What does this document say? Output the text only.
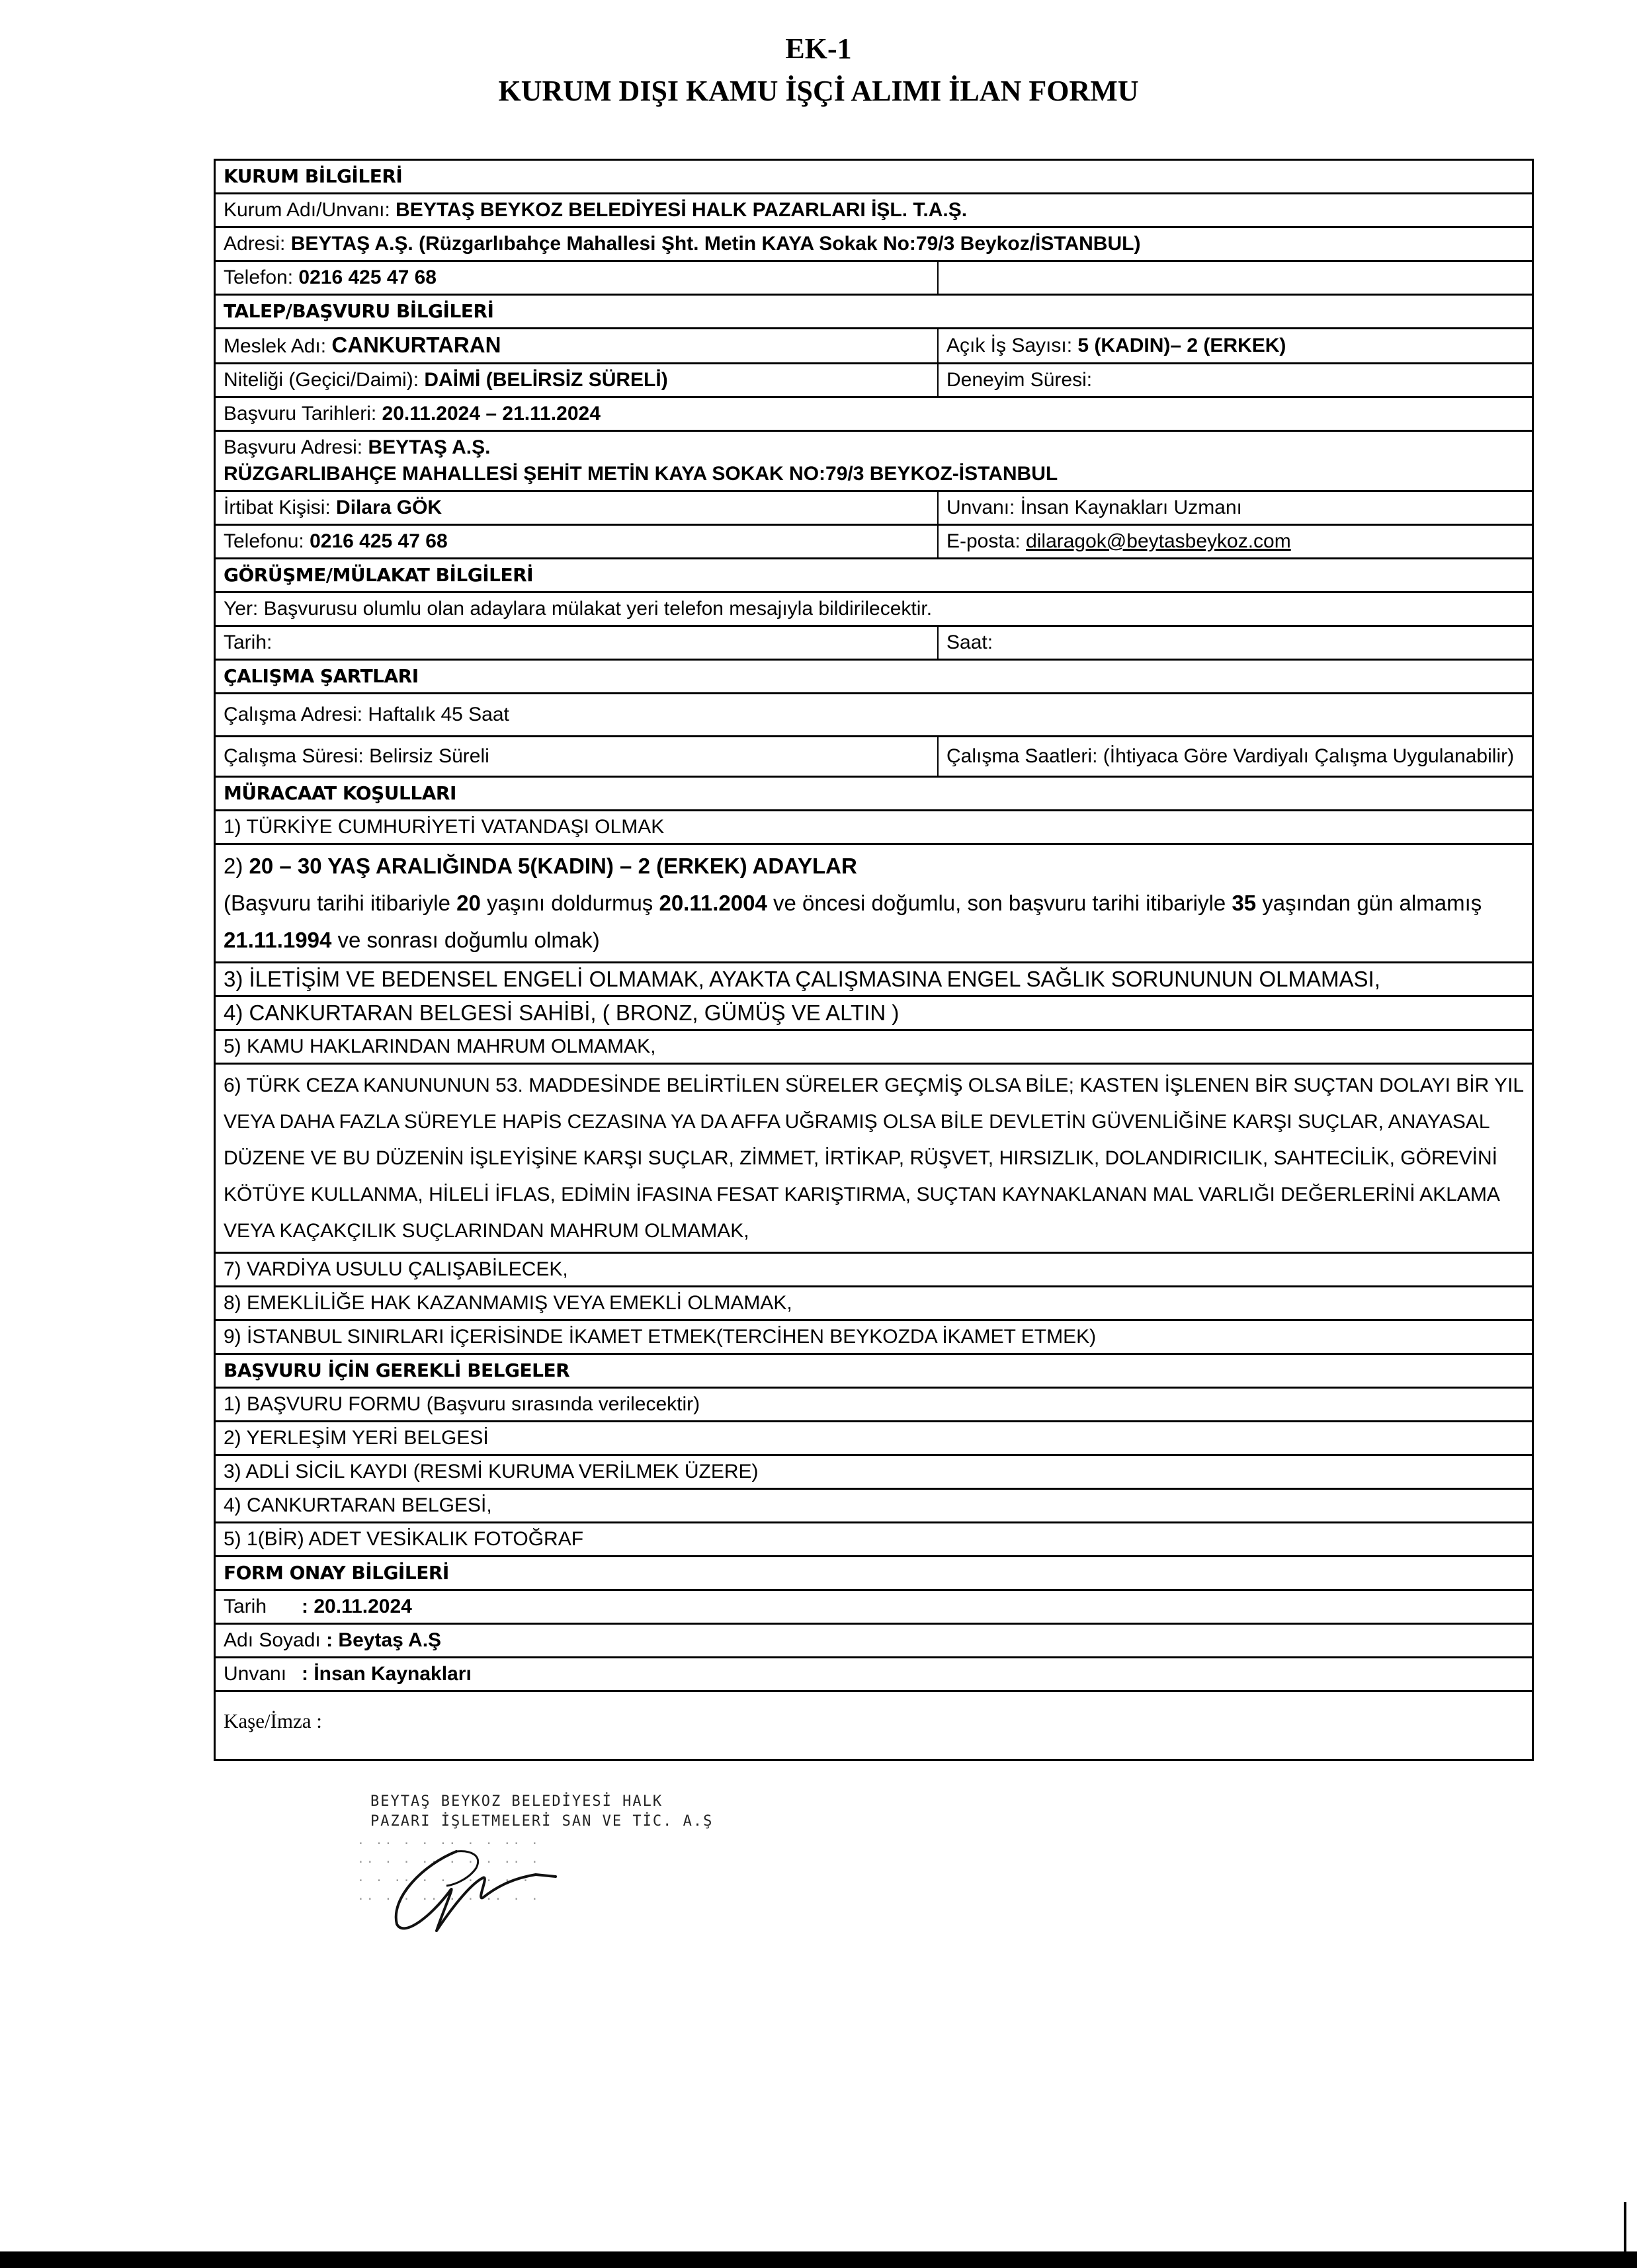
EK-1
KURUM DIŞI KAMU İŞÇİ ALIMI İLAN FORMU
KURUM BİLGİLERİ
Kurum Adı/Unvanı: BEYTAŞ BEYKOZ BELEDİYESİ HALK PAZARLARI İŞL. T.A.Ş.
Adresi: BEYTAŞ A.Ş. (Rüzgarlıbahçe Mahallesi Şht. Metin KAYA Sokak No:79/3 Beykoz/İSTANBUL)
Telefon: 0216 425 47 68
TALEP/BAŞVURU BİLGİLERİ
Meslek Adı: CANKURTARAN	Açık İş Sayısı: 5 (KADIN)– 2 (ERKEK)
Niteliği (Geçici/Daimi): DAİMİ (BELİRSİZ SÜRELİ)	Deneyim Süresi:
Başvuru Tarihleri: 20.11.2024 – 21.11.2024
Başvuru Adresi: BEYTAŞ A.Ş.
RÜZGARLIBAHÇE MAHALLESİ ŞEHİT METİN KAYA SOKAK NO:79/3 BEYKOZ-İSTANBUL
İrtibat Kişisi: Dilara GÖK	Unvanı: İnsan Kaynakları Uzmanı
Telefonu: 0216 425 47 68	E-posta: dilaragok@beytasbeykoz.com
GÖRÜŞME/MÜLAKAT BİLGİLERİ
Yer: Başvurusu olumlu olan adaylara mülakat yeri telefon mesajıyla bildirilecektir.
Tarih:	Saat:
ÇALIŞMA ŞARTLARI
Çalışma Adresi: Haftalık 45 Saat
Çalışma Süresi: Belirsiz Süreli	Çalışma Saatleri: (İhtiyaca Göre Vardiyalı Çalışma Uygulanabilir)
MÜRACAAT KOŞULLARI
1) TÜRKİYE CUMHURİYETİ VATANDAŞI OLMAK
2) 20 – 30 YAŞ ARALIĞINDA 5(KADIN) – 2 (ERKEK) ADAYLAR
(Başvuru tarihi itibariyle 20 yaşını doldurmuş 20.11.2004 ve öncesi doğumlu, son başvuru tarihi itibariyle 35 yaşından gün almamış 21.11.1994 ve sonrası doğumlu olmak)
3) İLETİŞİM VE BEDENSEL ENGELİ OLMAMAK, AYAKTA ÇALIŞMASINA ENGEL SAĞLIK SORUNUNUN OLMAMASI,
4) CANKURTARAN BELGESİ SAHİBİ, ( BRONZ, GÜMÜŞ VE ALTIN )
5) KAMU HAKLARINDAN MAHRUM OLMAMAK,
6) TÜRK CEZA KANUNUNUN 53. MADDESİNDE BELİRTİLEN SÜRELER GEÇMİŞ OLSA BİLE; KASTEN İŞLENEN BİR SUÇTAN DOLAYI BİR YIL VEYA DAHA FAZLA SÜREYLE HAPİS CEZASINA YA DA AFFA UĞRAMIŞ OLSA BİLE DEVLETİN GÜVENLİĞİNE KARŞI SUÇLAR, ANAYASAL DÜZENE VE BU DÜZENİN İŞLEYİŞİNE KARŞI SUÇLAR, ZİMMET, İRTİKAP, RÜŞVET, HIRSIZLIK, DOLANDIRICILIK, SAHTECİLİK, GÖREVİNİ KÖTÜYE KULLANMA, HİLELİ İFLAS, EDİMİN İFASINA FESAT KARIŞTIRMA, SUÇTAN KAYNAKLANAN MAL VARLIĞI DEĞERLERİNİ AKLAMA VEYA KAÇAKÇILIK SUÇLARINDAN MAHRUM OLMAMAK,
7) VARDİYA USULU ÇALIŞABİLECEK,
8) EMEKLİLİĞE HAK KAZANMAMIŞ VEYA EMEKLİ OLMAMAK,
9) İSTANBUL SINIRLARI İÇERİSİNDE İKAMET ETMEK(TERCİHEN BEYKOZDA İKAMET ETMEK)
BAŞVURU İÇİN GEREKLİ BELGELER
1) BAŞVURU FORMU (Başvuru sırasında verilecektir)
2) YERLEŞİM YERİ BELGESİ
3) ADLİ SİCİL KAYDI (RESMİ KURUMA VERİLMEK ÜZERE)
4) CANKURTARAN BELGESİ,
5) 1(BİR) ADET VESİKALIK FOTOĞRAF
FORM ONAY BİLGİLERİ
Tarih : 20.11.2024
Adı Soyadı : Beytaş A.Ş
Unvanı : İnsan Kaynakları
Kaşe/İmza :
BEYTAŞ BEYKOZ BELEDİYESİ HALK
PAZARI İŞLETMELERİ SAN VE TİC. A.Ş
· ·· · · ·· · · ·· ·
·· · · ·· · · · ·· ·
· · ·· · · ·· · · ·
·· · · ·· · · ·· · ·
